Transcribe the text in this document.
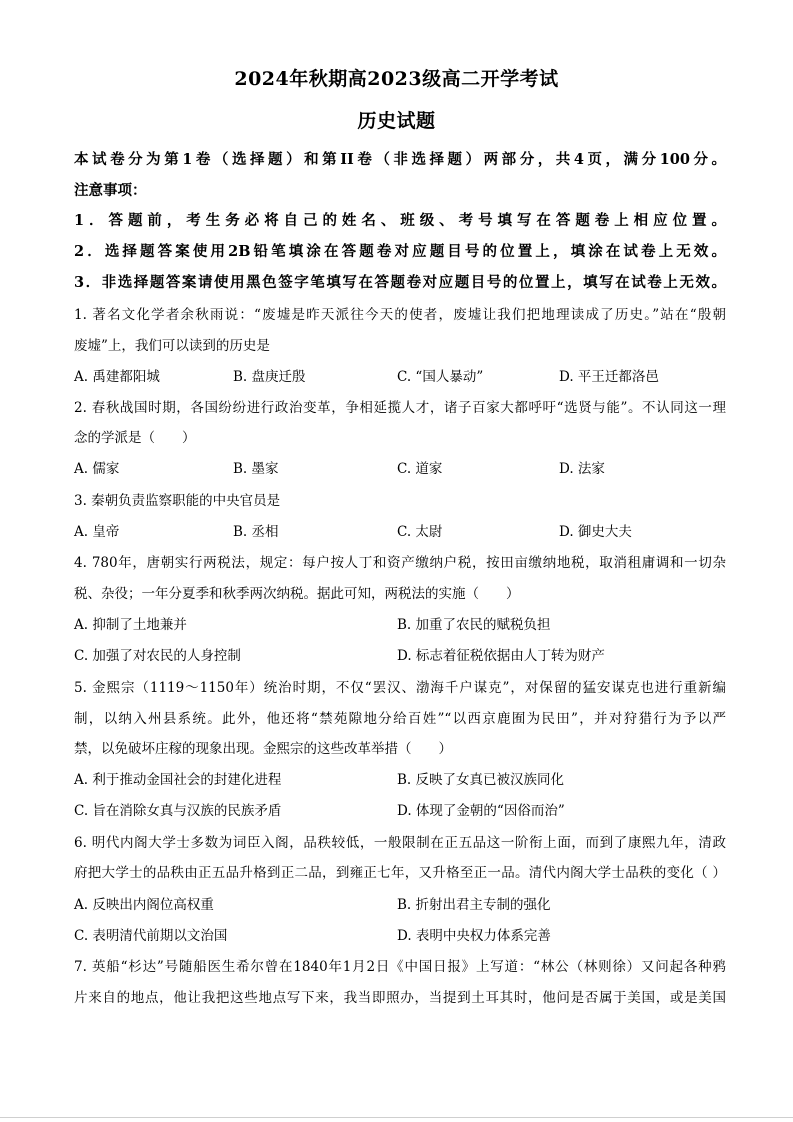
2024年秋期高2023级高二开学考试
历史试题
本试卷分为第1卷（选择题）和第II卷（非选择题）两部分，共4页，满分100分。
注意事项：
1．答题前，考生务必将自己的姓名、班级、考号填写在答题卷上相应位置。
2．选择题答案使用2B铅笔填涂在答题卷对应题目号的位置上，填涂在试卷上无效。
3．非选择题答案请使用黑色签字笔填写在答题卷对应题目号的位置上，填写在试卷上无效。
1. 著名文化学者余秋雨说：“废墟是昨天派往今天的使者，废墟让我们把地理读成了历史。”站在“殷朝
废墟”上，我们可以读到的历史是
A. 禹建都阳城	B. 盘庚迁殷	C. “国人暴动”	D. 平王迁都洛邑
2. 春秋战国时期，各国纷纷进行政治变革，争相延揽人才，诸子百家大都呼吁“选贤与能”。不认同这一理
念的学派是（　　）
A. 儒家	B. 墨家	C. 道家	D. 法家
3. 秦朝负责监察职能的中央官员是
A. 皇帝	B. 丞相	C. 太尉	D. 御史大夫
4. 780年，唐朝实行两税法，规定：每户按人丁和资产缴纳户税，按田亩缴纳地税，取消租庸调和一切杂
税、杂役；一年分夏季和秋季两次纳税。据此可知，两税法的实施（　　）
A. 抑制了土地兼并	B. 加重了农民的赋税负担
C. 加强了对农民的人身控制	D. 标志着征税依据由人丁转为财产
5. 金熙宗（1119～1150年）统治时期，不仅“罢汉、渤海千户谋克”，对保留的猛安谋克也进行重新编
制，以纳入州县系统。此外，他还将“禁苑隙地分给百姓”“以西京鹿囿为民田”，并对狩猎行为予以严
禁，以免破坏庄稼的现象出现。金熙宗的这些改革举措（　　）
A. 利于推动金国社会的封建化进程	B. 反映了女真已被汉族同化
C. 旨在消除女真与汉族的民族矛盾	D. 体现了金朝的“因俗而治”
6. 明代内阁大学士多数为词臣入阁，品秩较低，一般限制在正五品这一阶衔上面，而到了康熙九年，清政
府把大学士的品秩由正五品升格到正二品，到雍正七年，又升格至正一品。清代内阁大学士品秩的变化（ ）
A. 反映出内阁位高权重	B. 折射出君主专制的强化
C. 表明清代前期以文治国	D. 表明中央权力体系完善
7. 英船“杉达”号随船医生希尔曾在1840年1月2日《中国日报》上写道：“林公（林则徐）又问起各种鸦
片来自的地点，他让我把这些地点写下来，我当即照办，当提到土耳其时，他问是否属于美国，或是美国
